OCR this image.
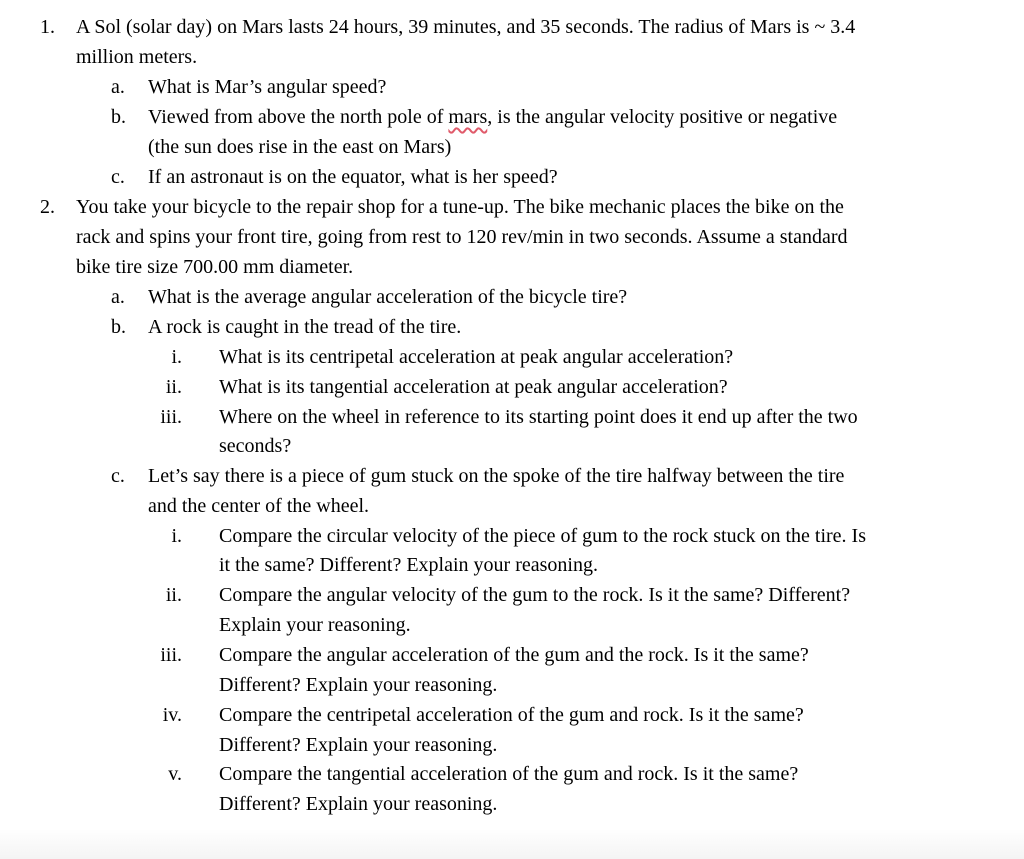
1. A Sol (solar day) on Mars lasts 24 hours, 39 minutes, and 35 seconds. The radius of Mars is ~ 3.4
million meters.
a. What is Mar’s angular speed?
b. Viewed from above the north pole of mars, is the angular velocity positive or negative
(the sun does rise in the east on Mars)
c. If an astronaut is on the equator, what is her speed?
2. You take your bicycle to the repair shop for a tune-up. The bike mechanic places the bike on the
rack and spins your front tire, going from rest to 120 rev/min in two seconds. Assume a standard
bike tire size 700.00 mm diameter.
a. What is the average angular acceleration of the bicycle tire?
b. A rock is caught in the tread of the tire.
i. What is its centripetal acceleration at peak angular acceleration?
ii. What is its tangential acceleration at peak angular acceleration?
iii. Where on the wheel in reference to its starting point does it end up after the two
seconds?
c. Let’s say there is a piece of gum stuck on the spoke of the tire halfway between the tire
and the center of the wheel.
i. Compare the circular velocity of the piece of gum to the rock stuck on the tire. Is
it the same? Different? Explain your reasoning.
ii. Compare the angular velocity of the gum to the rock. Is it the same? Different?
Explain your reasoning.
iii. Compare the angular acceleration of the gum and the rock. Is it the same?
Different? Explain your reasoning.
iv. Compare the centripetal acceleration of the gum and rock. Is it the same?
Different? Explain your reasoning.
v. Compare the tangential acceleration of the gum and rock. Is it the same?
Different? Explain your reasoning.
